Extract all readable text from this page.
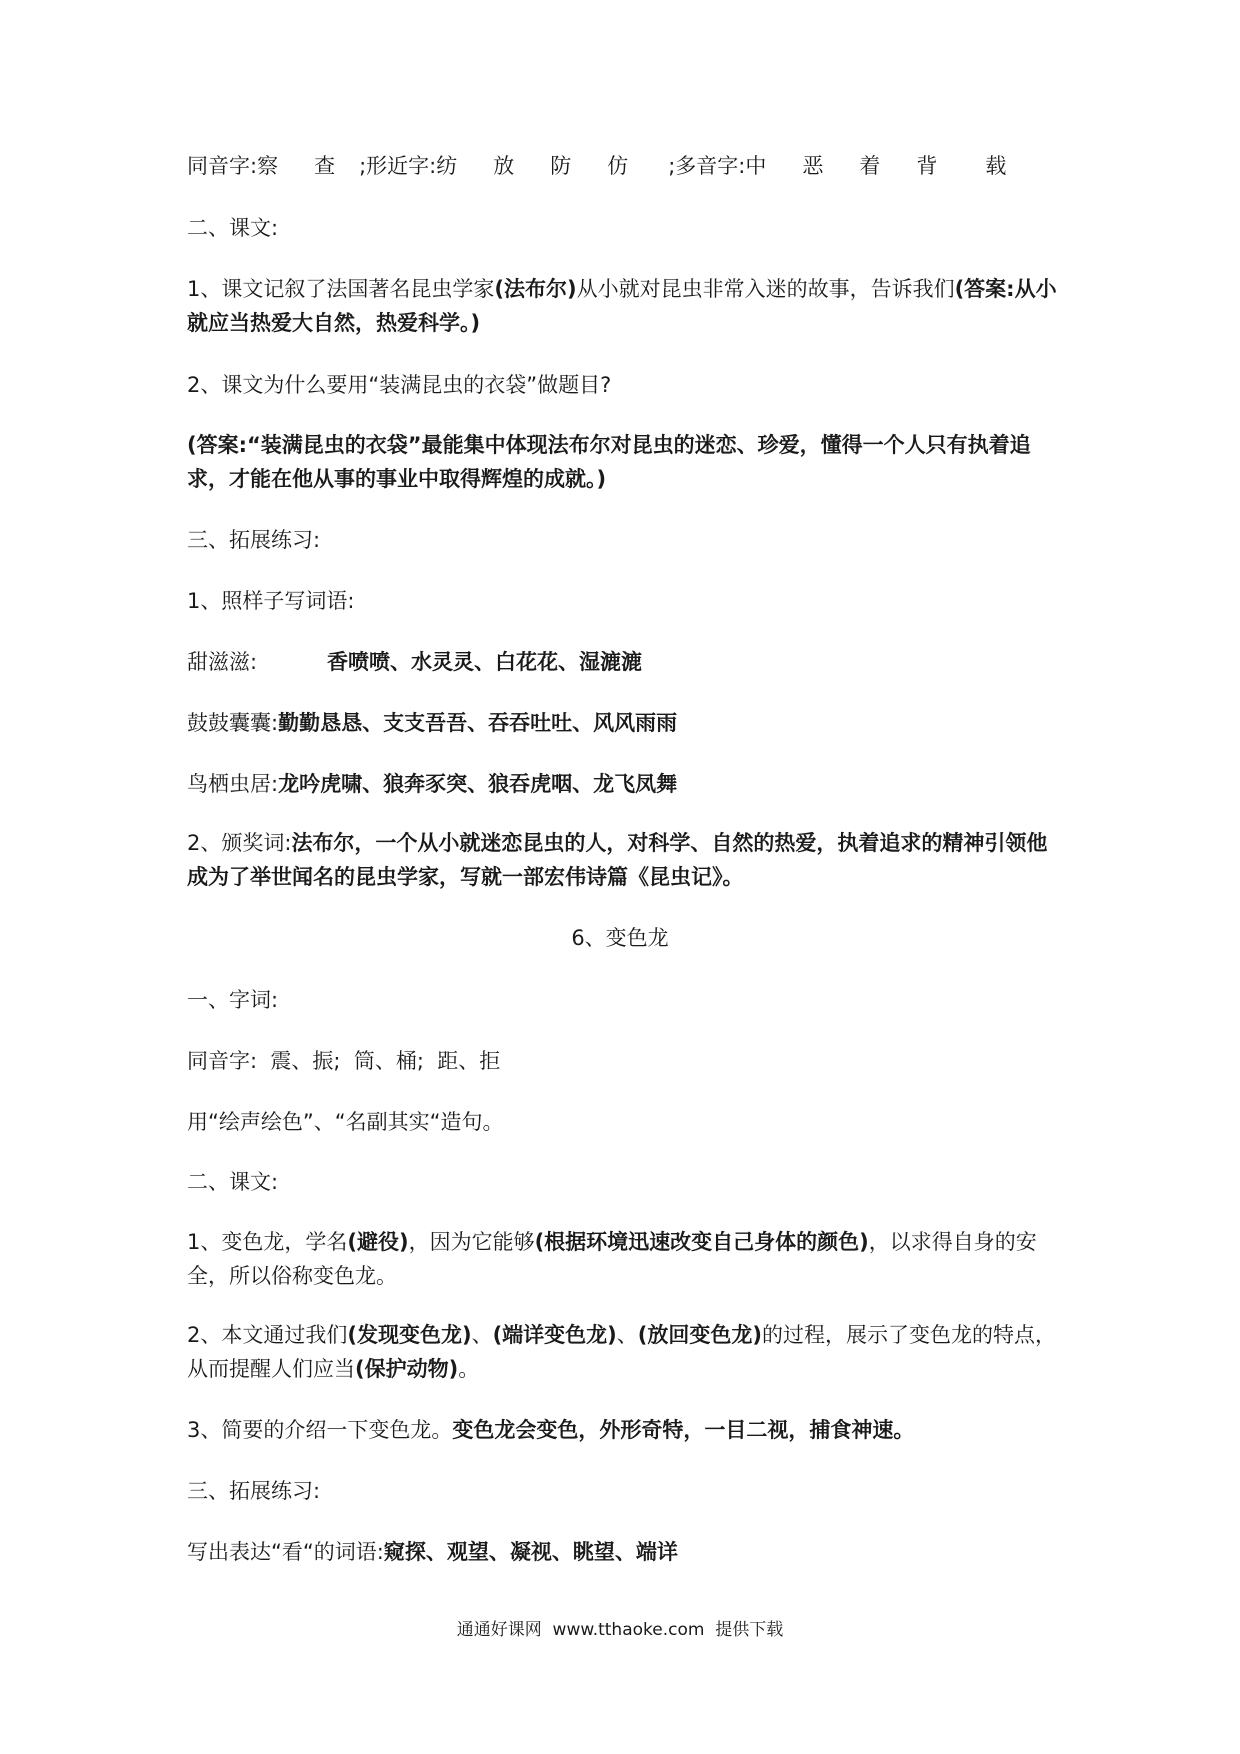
同音字:察 查 ;形近字:纺 放 防 仿 ;多音字:中 恶 着 背 载
二、课文:
1、课文记叙了法国著名昆虫学家(法布尔)从小就对昆虫非常入迷的故事，告诉我们(答案:从小就应当热爱大自然，热爱科学。)
2、课文为什么要用“装满昆虫的衣袋”做题目?
(答案:“装满昆虫的衣袋”最能集中体现法布尔对昆虫的迷恋、珍爱，懂得一个人只有执着追求，才能在他从事的事业中取得辉煌的成就。)
三、拓展练习:
1、照样子写词语:
甜滋滋:	香喷喷、水灵灵、白花花、湿漉漉
鼓鼓囊囊:勤勤恳恳、支支吾吾、吞吞吐吐、风风雨雨
鸟栖虫居:龙吟虎啸、狼奔豕突、狼吞虎咽、龙飞凤舞
2、颁奖词:法布尔，一个从小就迷恋昆虫的人，对科学、自然的热爱，执着追求的精神引领他成为了举世闻名的昆虫学家，写就一部宏伟诗篇《昆虫记》。
6、变色龙
一、字词:
同音字:  震、振;  筒、桶;  距、拒
用“绘声绘色”、“名副其实“造句。
二、课文:
1、变色龙，学名(避役)，因为它能够(根据环境迅速改变自己身体的颜色)，以求得自身的安全，所以俗称变色龙。
2、本文通过我们(发现变色龙)、(端详变色龙)、(放回变色龙)的过程，展示了变色龙的特点，从而提醒人们应当(保护动物)。
3、简要的介绍一下变色龙。变色龙会变色，外形奇特，一目二视，捕食神速。
三、拓展练习:
写出表达“看“的词语:窥探、观望、凝视、眺望、端详
通通好课网  www.tthaoke.com  提供下载
